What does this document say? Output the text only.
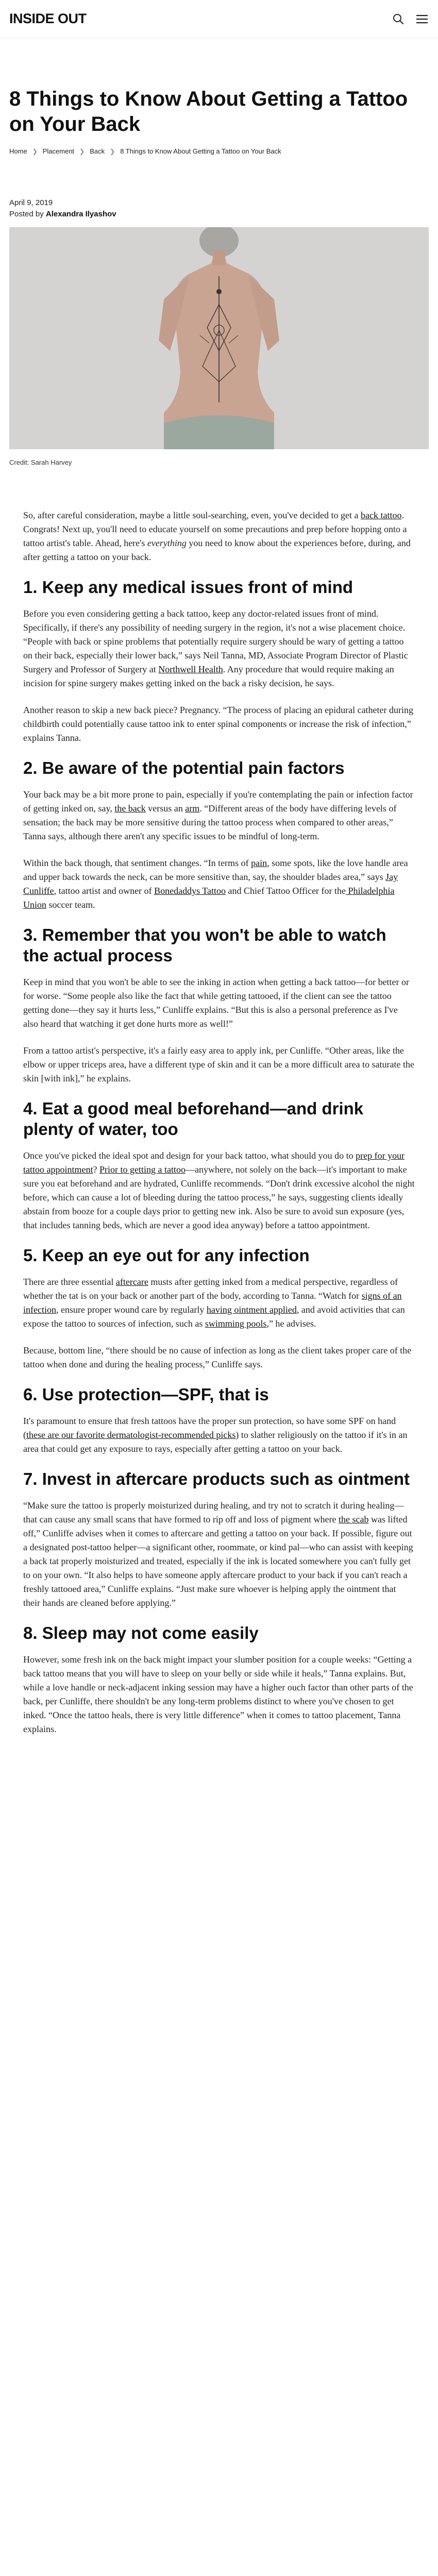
INSIDE OUT
8 Things to Know About Getting a Tattoo on Your Back
Home ❯ Placement ❯ Back ❯ 8 Things to Know About Getting a Tattoo on Your Back
April 9, 2019
Posted by Alexandra Ilyashov
Credit: Sarah Harvey

So, after careful consideration, maybe a little soul-searching, even, you've decided to get a back tattoo. Congrats! Next up, you'll need to educate yourself on some precautions and prep before hopping onto a tattoo artist's table. Ahead, here's everything you need to know about the experiences before, during, and after getting a tattoo on your back.

1. Keep any medical issues front of mind

Before you even considering getting a back tattoo, keep any doctor-related issues front of mind. Specifically, if there's any possibility of needing surgery in the region, it's not a wise placement choice. “People with back or spine problems that potentially require surgery should be wary of getting a tattoo on their back, especially their lower back,” says Neil Tanna, MD, Associate Program Director of Plastic Surgery and Professor of Surgery at Northwell Health. Any procedure that would require making an incision for spine surgery makes getting inked on the back a risky decision, he says.

Another reason to skip a new back piece? Pregnancy. “The process of placing an epidural catheter during childbirth could potentially cause tattoo ink to enter spinal components or increase the risk of infection,” explains Tanna.

2. Be aware of the potential pain factors

Your back may be a bit more prone to pain, especially if you're contemplating the pain or infection factor of getting inked on, say, the back versus an arm. “Different areas of the body have differing levels of sensation; the back may be more sensitive during the tattoo process when compared to other areas,” Tanna says, although there aren't any specific issues to be mindful of long-term.

Within the back though, that sentiment changes. “In terms of pain, some spots, like the love handle area and upper back towards the neck, can be more sensitive than, say, the shoulder blades area,” says Jay Cunliffe, tattoo artist and owner of Bonedaddys Tattoo and Chief Tattoo Officer for the Philadelphia Union soccer team.

3. Remember that you won't be able to watch the actual process

Keep in mind that you won't be able to see the inking in action when getting a back tattoo—for better or for worse. “Some people also like the fact that while getting tattooed, if the client can see the tattoo getting done—they say it hurts less,” Cunliffe explains. “But this is also a personal preference as I've also heard that watching it get done hurts more as well!”

From a tattoo artist's perspective, it's a fairly easy area to apply ink, per Cunliffe. “Other areas, like the elbow or upper triceps area, have a different type of skin and it can be a more difficult area to saturate the skin [with ink],” he explains.

4. Eat a good meal beforehand—and drink plenty of water, too

Once you've picked the ideal spot and design for your back tattoo, what should you do to prep for your tattoo appointment? Prior to getting a tattoo—anywhere, not solely on the back—it's important to make sure you eat beforehand and are hydrated, Cunliffe recommends. “Don't drink excessive alcohol the night before, which can cause a lot of bleeding during the tattoo process,” he says, suggesting clients ideally abstain from booze for a couple days prior to getting new ink. Also be sure to avoid sun exposure (yes, that includes tanning beds, which are never a good idea anyway) before a tattoo appointment.

5. Keep an eye out for any infection

There are three essential aftercare musts after getting inked from a medical perspective, regardless of whether the tat is on your back or another part of the body, according to Tanna. “Watch for signs of an infection, ensure proper wound care by regularly having ointment applied, and avoid activities that can expose the tattoo to sources of infection, such as swimming pools,” he advises.

Because, bottom line, “there should be no cause of infection as long as the client takes proper care of the tattoo when done and during the healing process,” Cunliffe says.

6. Use protection—SPF, that is

It's paramount to ensure that fresh tattoos have the proper sun protection, so have some SPF on hand (these are our favorite dermatologist-recommended picks) to slather religiously on the tattoo if it's in an area that could get any exposure to rays, especially after getting a tattoo on your back.

7. Invest in aftercare products such as ointment

“Make sure the tattoo is properly moisturized during healing, and try not to scratch it during healing—that can cause any small scans that have formed to rip off and loss of pigment where the scab was lifted off,” Cunliffe advises when it comes to aftercare and getting a tattoo on your back. If possible, figure out a designated post-tattoo helper—a significant other, roommate, or kind pal—who can assist with keeping a back tat properly moisturized and treated, especially if the ink is located somewhere you can't fully get to on your own. “It also helps to have someone apply aftercare product to your back if you can't reach a freshly tattooed area,” Cunliffe explains. “Just make sure whoever is helping apply the ointment that their hands are cleaned before applying.”

8. Sleep may not come easily

However, some fresh ink on the back might impact your slumber position for a couple weeks: “Getting a back tattoo means that you will have to sleep on your belly or side while it heals,” Tanna explains. But, while a love handle or neck-adjacent inking session may have a higher ouch factor than other parts of the back, per Cunliffe, there shouldn't be any long-term problems distinct to where you've chosen to get inked. “Once the tattoo heals, there is very little difference” when it comes to tattoo placement, Tanna explains.
